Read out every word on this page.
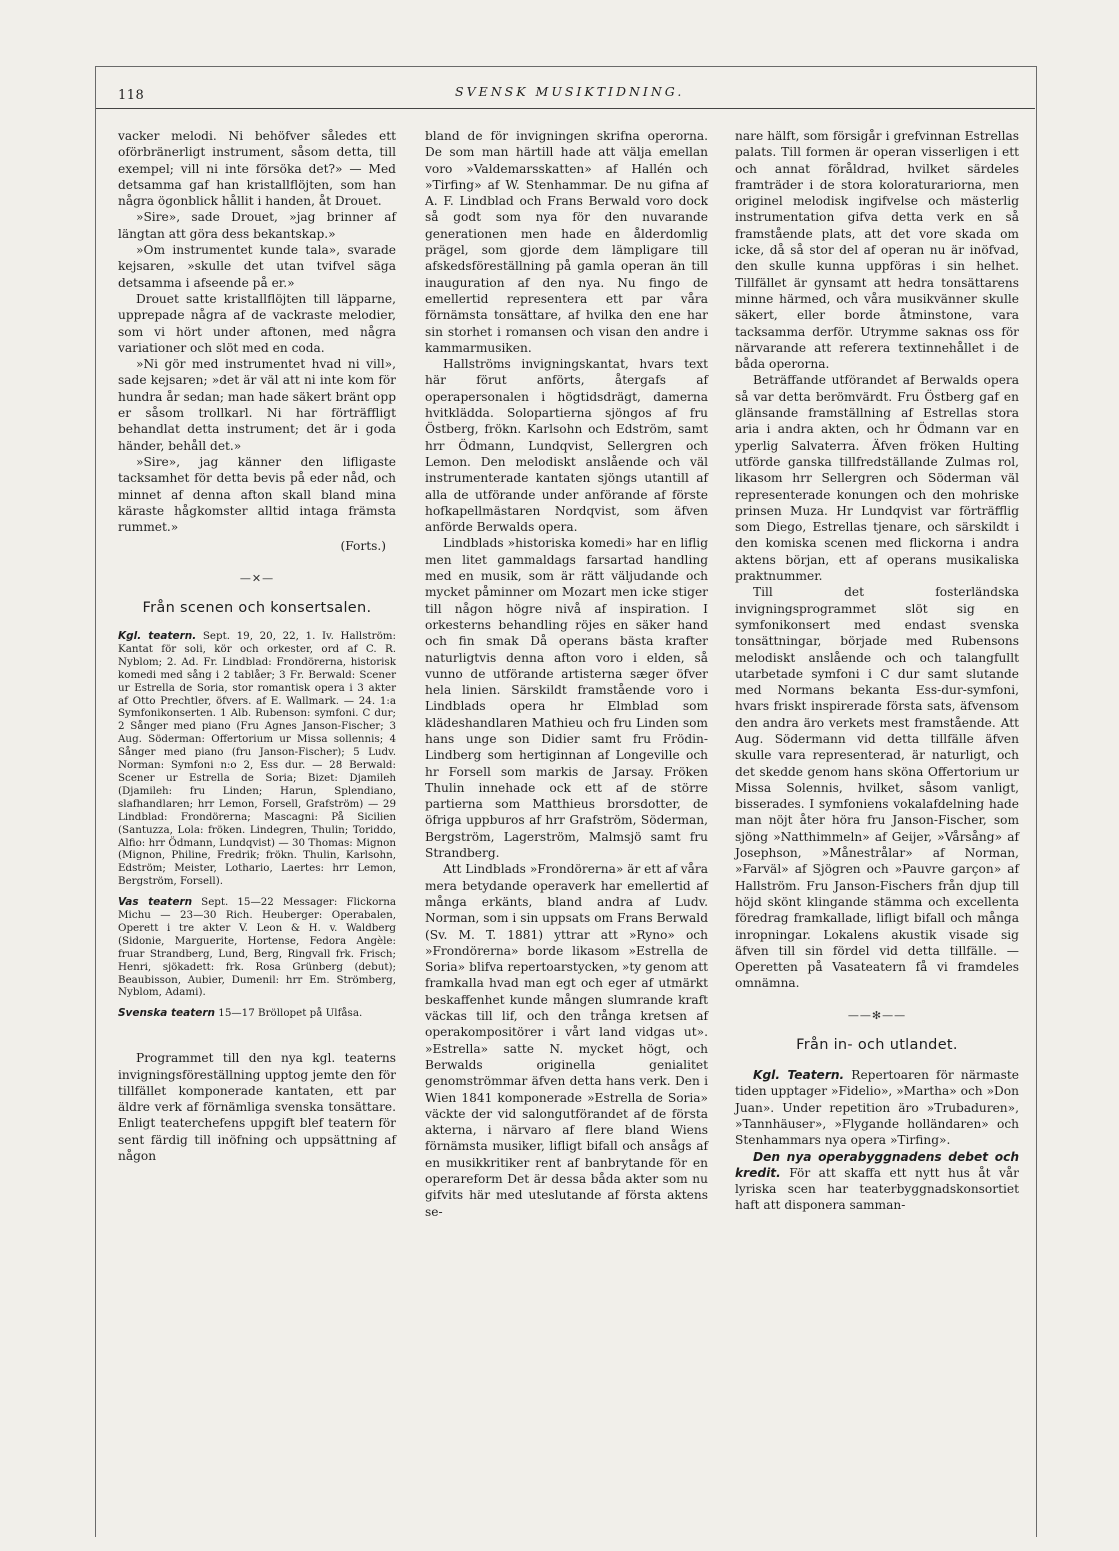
118	SVENSK MUSIKTIDNING.

vacker melodi. Ni behöfver således ett oförbränerligt instrument, såsom detta, till exempel; vill ni inte försöka det?» — Med detsamma gaf han kristallflöjten, som han några ögonblick hållit i handen, åt Drouet.

»Sire», sade Drouet, »jag brinner af längtan att göra dess bekantskap.»

»Om instrumentet kunde tala», svarade kejsaren, »skulle det utan tvifvel säga detsamma i afseende på er.»

Drouet satte kristallflöjten till läpparne, upprepade några af de vackraste melodier, som vi hört under aftonen, med några variationer och slöt med en coda.

»Ni gör med instrumentet hvad ni vill», sade kejsaren; »det är väl att ni inte kom för hundra år sedan; man hade säkert bränt opp er såsom trollkarl. Ni har förträffligt behandlat detta instrument; det är i goda händer, behåll det.»

»Sire», jag känner den lifligaste tacksamhet för detta bevis på eder nåd, och minnet af denna afton skall bland mina käraste hågkomster alltid intaga främsta rummet.»

(Forts.)

—✕—
Från scenen och konsertsalen.

Kgl. teatern. Sept. 19, 20, 22, 1. Iv. Hallström: Kantat för soli, kör och orkester, ord af C. R. Nyblom; 2. Ad. Fr. Lindblad: Frondörerna, historisk komedi med sång i 2 tablåer; 3 Fr. Berwald: Scener ur Estrella de Soria, stor romantisk opera i 3 akter af Otto Prechtler, öfvers. af E. Wallmark. — 24. 1:a Symfonikonserten. 1 Alb. Rubenson: symfoni. C dur; 2 Sånger med piano (Fru Agnes Janson-Fischer; 3 Aug. Söderman: Offertorium ur Missa sollennis; 4 Sånger med piano (fru Janson-Fischer); 5 Ludv. Norman: Symfoni n:o 2, Ess dur. — 28 Berwald: Scener ur Estrella de Soria; Bizet: Djamileh (Djamileh: fru Linden; Harun, Splendiano, slafhandlaren; hrr Lemon, Forsell, Grafström) — 29 Lindblad: Frondörerna; Mascagni: På Sicilien (Santuzza, Lola: fröken. Lindegren, Thulin; Toriddo, Alfio: hrr Ödmann, Lundqvist) — 30 Thomas: Mignon (Mignon, Philine, Fredrik; frökn. Thulin, Karlsohn, Edström; Meister, Lothario, Laertes: hrr Lemon, Bergström, Forsell).

Vas teatern Sept. 15—22 Messager: Flickorna Michu — 23—30 Rich. Heuberger: Operabalen, Operett i tre akter V. Leon & H. v. Waldberg (Sidonie, Marguerite, Hortense, Fedora Angèle: fruar Strandberg, Lund, Berg, Ringvall frk. Frisch; Henri, sjökadett: frk. Rosa Grünberg (debut); Beaubisson, Aubier, Dumenil: hrr Em. Strömberg, Nyblom, Adami).

Svenska teatern 15—17 Bröllopet på Ulfåsa.

Programmet till den nya kgl. teaterns invigningsföreställning upptog jemte den för tillfället komponerade kantaten, ett par äldre verk af förnämliga svenska tonsättare. Enligt teaterchefens uppgift blef teatern för sent färdig till inöfning och uppsättning af någon

bland de för invigningen skrifna operorna. De som man härtill hade att välja emellan voro »Valdemarsskatten» af Hallén och »Tirfing» af W. Stenhammar. De nu gifna af A. F. Lindblad och Frans Berwald voro dock så godt som nya för den nuvarande generationen men hade en ålderdomlig prägel, som gjorde dem lämpligare till afskedsföreställning på gamla operan än till inauguration af den nya. Nu fingo de emellertid representera ett par våra förnämsta tonsättare, af hvilka den ene har sin storhet i romansen och visan den andre i kammarmusiken.

Hallströms invigningskantat, hvars text här förut anförts, återgafs af operapersonalen i högtidsdrägt, damerna hvitklädda. Solopartierna sjöngos af fru Östberg, frökn. Karlsohn och Edström, samt hrr Ödmann, Lundqvist, Sellergren och Lemon. Den melodiskt anslående och väl instrumenterade kantaten sjöngs utantill af alla de utförande under anförande af förste hofkapellmästaren Nordqvist, som äfven anförde Berwalds opera.

Lindblads »historiska komedi» har en liflig men litet gammaldags farsartad handling med en musik, som är rätt väljudande och mycket påminner om Mozart men icke stiger till någon högre nivå af inspiration. I orkesterns behandling röjes en säker hand och fin smak Då operans bästa krafter naturligtvis denna afton voro i elden, så vunno de utförande artisterna sæger öfver hela linien. Särskildt framstående voro i Lindblads opera hr Elmblad som klädeshandlaren Mathieu och fru Linden som hans unge son Didier samt fru Frödin-Lindberg som hertiginnan af Longeville och hr Forsell som markis de Jarsay. Fröken Thulin innehade ock ett af de större partierna som Matthieus brorsdotter, de öfriga uppburos af hrr Grafström, Söderman, Bergström, Lagerström, Malmsjö samt fru Strandberg.

Att Lindblads »Frondörerna» är ett af våra mera betydande operaverk har emellertid af många erkänts, bland andra af Ludv. Norman, som i sin uppsats om Frans Berwald (Sv. M. T. 1881) yttrar att »Ryno» och »Frondörerna» borde likasom »Estrella de Soria» blifva repertoarstycken, »ty genom att framkalla hvad man egt och eger af utmärkt beskaffenhet kunde mången slumrande kraft väckas till lif, och den trånga kretsen af operakompositörer i vårt land vidgas ut». »Estrella» satte N. mycket högt, och Berwalds originella genialitet genomströmmar äfven detta hans verk. Den i Wien 1841 komponerade »Estrella de Soria» väckte der vid salongutförandet af de första akterna, i närvaro af flere bland Wiens förnämsta musiker, lifligt bifall och ansågs af en musikkritiker rent af banbrytande för en operareform Det är dessa båda akter som nu gifvits här med uteslutande af första aktens se-

nare hälft, som försigår i grefvinnan Estrellas palats. Till formen är operan visserligen i ett och annat föråldrad, hvilket särdeles framträder i de stora koloraturariorna, men originel melodisk ingifvelse och mästerlig instrumentation gifva detta verk en så framstående plats, att det vore skada om icke, då så stor del af operan nu är inöfvad, den skulle kunna uppföras i sin helhet. Tillfället är gynsamt att hedra tonsättarens minne härmed, och våra musikvänner skulle säkert, eller borde åtminstone, vara tacksamma derför. Utrymme saknas oss för närvarande att referera textinnehållet i de båda operorna.

Beträffande utförandet af Berwalds opera så var detta berömvärdt. Fru Östberg gaf en glänsande framställning af Estrellas stora aria i andra akten, och hr Ödmann var en yperlig Salvaterra. Äfven fröken Hulting utförde ganska tillfredställande Zulmas rol, likasom hrr Sellergren och Söderman väl representerade konungen och den mohriske prinsen Muza. Hr Lundqvist var förträfflig som Diego, Estrellas tjenare, och särskildt i den komiska scenen med flickorna i andra aktens början, ett af operans musikaliska praktnummer.

Till det fosterländska invigningsprogrammet slöt sig en symfonikonsert med endast svenska tonsättningar, började med Rubensons melodiskt anslående och och talangfullt utarbetade symfoni i C dur samt slutande med Normans bekanta Ess-dur-symfoni, hvars friskt inspirerade första sats, äfvensom den andra äro verkets mest framstående. Att Aug. Södermann vid detta tillfälle äfven skulle vara representerad, är naturligt, och det skedde genom hans sköna Offertorium ur Missa Solennis, hvilket, såsom vanligt, bisserades. I symfoniens vokalafdelning hade man nöjt åter höra fru Janson-Fischer, som sjöng »Natthimmeln» af Geijer, »Vårsång» af Josephson, »Månestrålar» af Norman, »Farväl» af Sjögren och »Pauvre garçon» af Hallström. Fru Janson-Fischers från djup till höjd skönt klingande stämma och excellenta föredrag framkallade, lifligt bifall och många inropningar. Lokalens akustik visade sig äfven till sin fördel vid detta tillfälle. — Operetten på Vasateatern få vi framdeles omnämna.

——✻——
Från in- och utlandet.

Kgl. Teatern. Repertoaren för närmaste tiden upptager »Fidelio», »Martha» och »Don Juan». Under repetition äro »Trubaduren», »Tannhäuser», »Flygande holländaren» och Stenhammars nya opera »Tirfing».

Den nya operabyggnadens debet och kredit. För att skaffa ett nytt hus åt vår lyriska scen har teaterbyggnadskonsortiet haft att disponera samman-
